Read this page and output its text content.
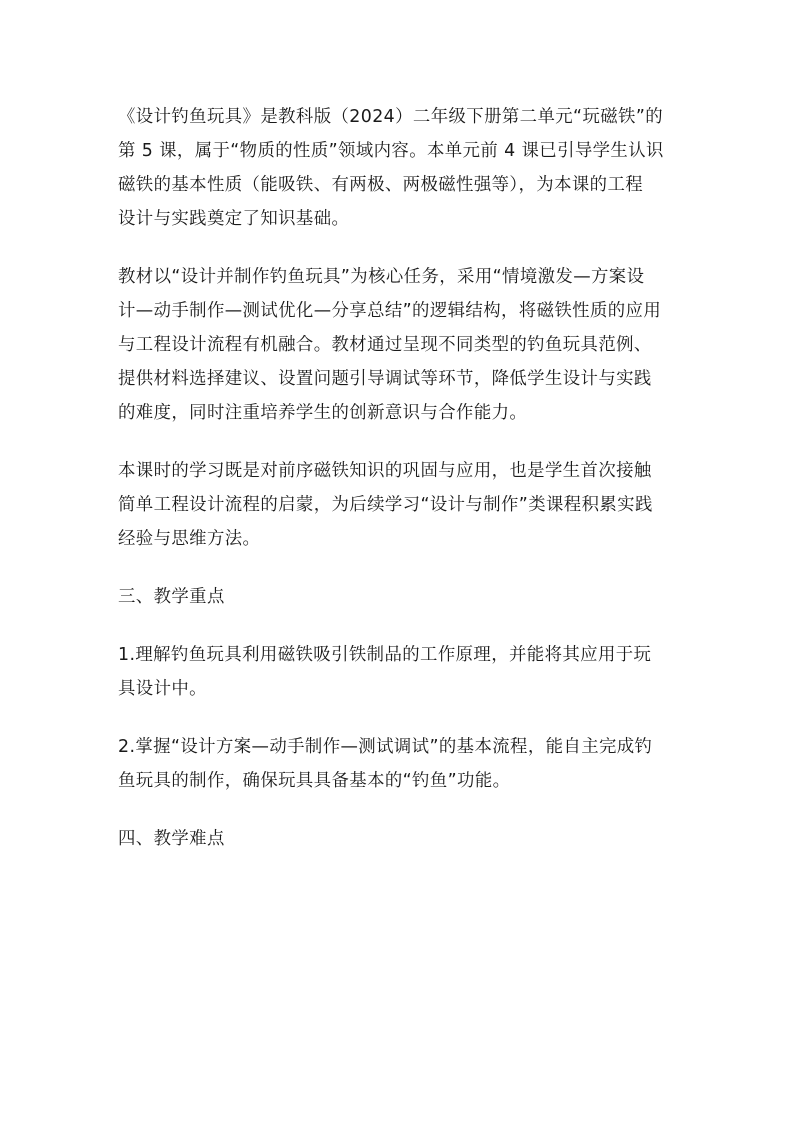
《设计钓鱼玩具》是教科版（2024）二年级下册第二单元“玩磁铁”的
第 5 课，属于“物质的性质”领域内容。本单元前 4 课已引导学生认识
磁铁的基本性质（能吸铁、有两极、两极磁性强等），为本课的工程
设计与实践奠定了知识基础。

教材以“设计并制作钓鱼玩具”为核心任务，采用“情境激发—方案设
计—动手制作—测试优化—分享总结”的逻辑结构，将磁铁性质的应用
与工程设计流程有机融合。教材通过呈现不同类型的钓鱼玩具范例、
提供材料选择建议、设置问题引导调试等环节，降低学生设计与实践
的难度，同时注重培养学生的创新意识与合作能力。

本课时的学习既是对前序磁铁知识的巩固与应用，也是学生首次接触
简单工程设计流程的启蒙，为后续学习“设计与制作”类课程积累实践
经验与思维方法。

三、教学重点

1.理解钓鱼玩具利用磁铁吸引铁制品的工作原理，并能将其应用于玩
具设计中。

2.掌握“设计方案—动手制作—测试调试”的基本流程，能自主完成钓
鱼玩具的制作，确保玩具具备基本的“钓鱼”功能。

四、教学难点
